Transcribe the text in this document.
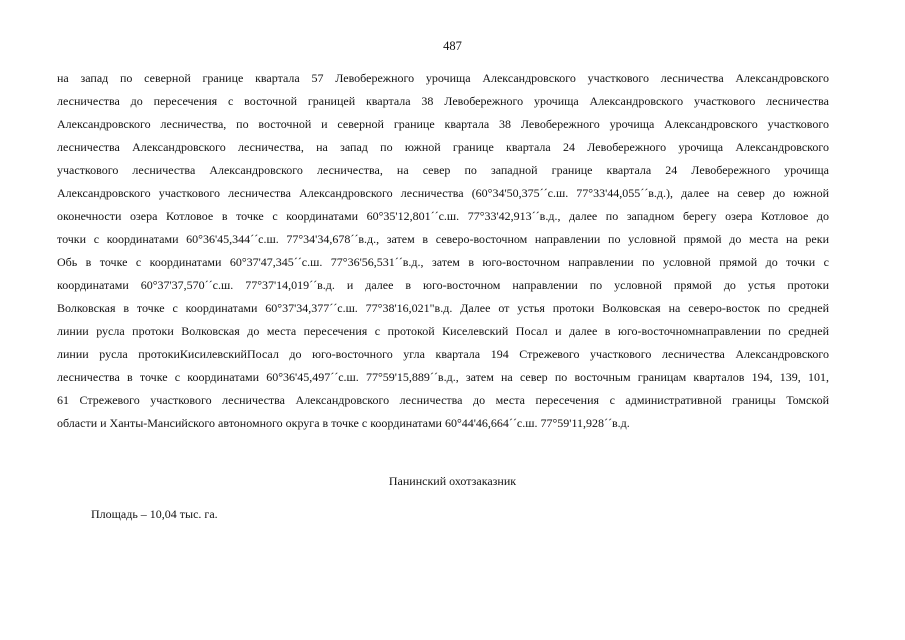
487
на запад по северной границе квартала 57 Левобережного урочища Александровского участкового лесничества Александровского
лесничества до пересечения с восточной границей квартала 38 Левобережного урочища Александровского участкового лесничества
Александровского лесничества, по восточной и северной границе квартала 38 Левобережного урочища Александровского участкового
лесничества Александровского лесничества, на запад по южной границе квартала 24 Левобережного урочища Александровского
участкового лесничества Александровского лесничества, на север по западной границе квартала 24 Левобережного урочища
Александровского участкового лесничества Александровского лесничества (60°34'50,375´´с.ш. 77°33'44,055´´в.д.), далее на север до южной
оконечности озера Котловое в точке с координатами 60°35'12,801´´с.ш. 77°33'42,913´´в.д., далее по западном берегу озера Котловое до
точки с координатами 60°36'45,344´´с.ш. 77°34'34,678´´в.д., затем в северо-восточном направлении по условной прямой до места на реки
Обь в точке с координатами 60°37'47,345´´с.ш. 77°36'56,531´´в.д., затем в юго-восточном направлении по условной прямой до точки с
координатами 60°37'37,570´´с.ш. 77°37'14,019´´в.д. и далее в юго-восточном направлении по условной прямой до устья протоки
Волковская в точке с координатами 60°37'34,377´´с.ш. 77°38'16,021"в.д. Далее от устья протоки Волковская на северо-восток по средней
линии русла протоки Волковская до места пересечения с протокой Киселевский Посал и далее в юго-восточномнаправлении по средней
линии русла протокиКисилевскийПосал до юго-восточного угла квартала 194 Стрежевого участкового лесничества Александровского
лесничества в точке с координатами 60°36'45,497´´с.ш. 77°59'15,889´´в.д., затем на север по восточным границам кварталов 194, 139, 101,
61 Стрежевого участкового лесничества Александровского лесничества до места пересечения с административной границы Томской
области и Ханты-Мансийского автономного округа в точке с координатами 60°44'46,664´´с.ш. 77°59'11,928´´в.д.
Панинский охотзаказник
Площадь – 10,04 тыс. га.
